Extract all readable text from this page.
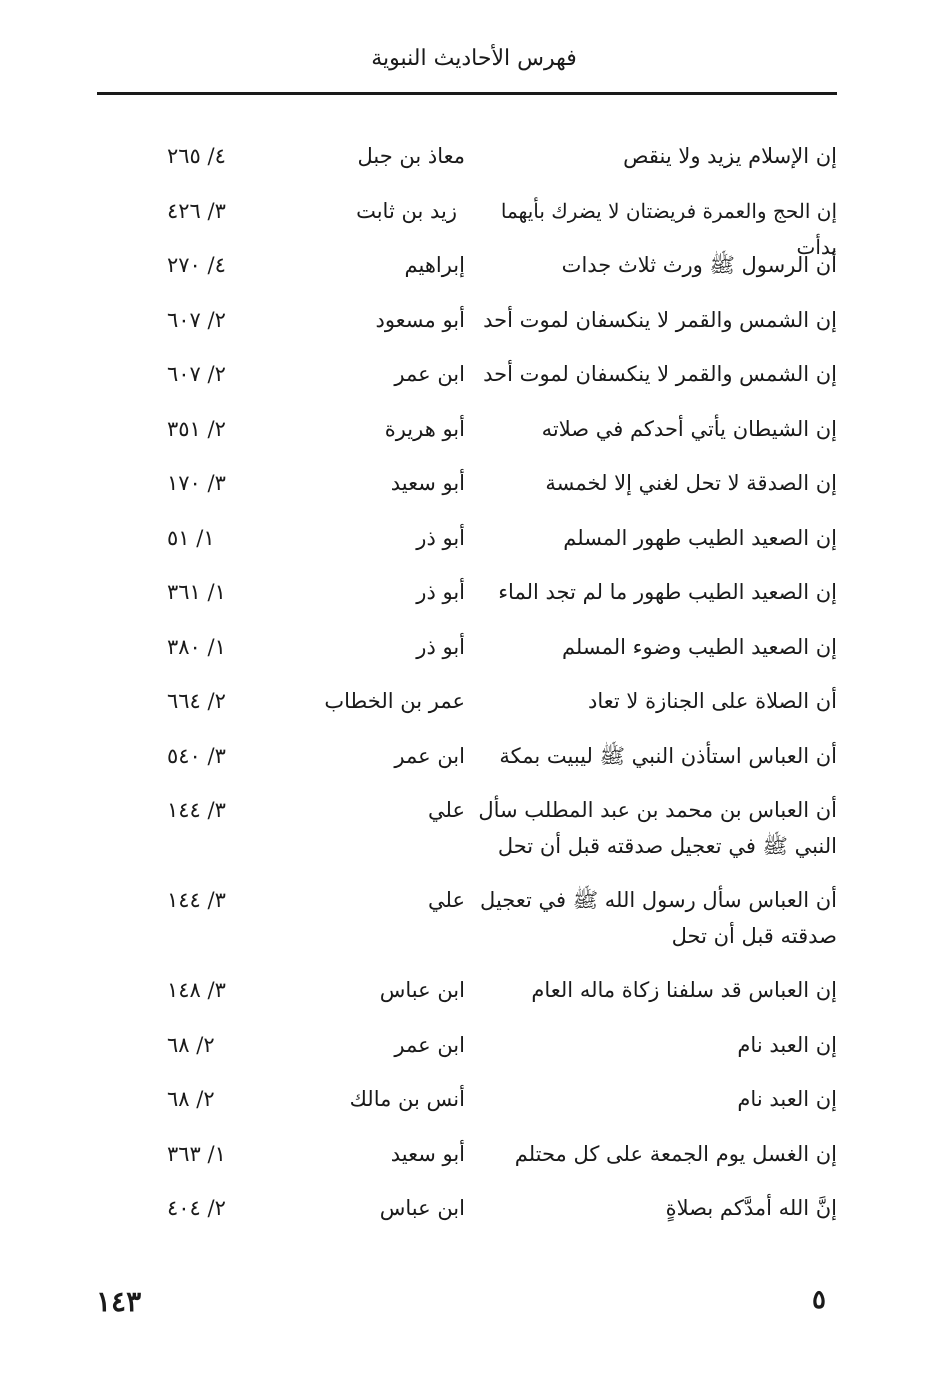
فهرس الأحاديث النبوية
إن الإسلام يزيد ولا ينقص
معاذ بن جبل
٤/ ٢٦٥
إن الحج والعمرة فريضتان لا يضرك بأيهما بدأت
زيد بن ثابت
٣/ ٤٢٦
أن الرسول ﷺ ورث ثلاث جدات
إبراهيم
٤/ ٢٧٠
إن الشمس والقمر لا ينكسفان لموت أحد
أبو مسعود
٢/ ٦٠٧
إن الشمس والقمر لا ينكسفان لموت أحد
ابن عمر
٢/ ٦٠٧
إن الشيطان يأتي أحدكم في صلاته
أبو هريرة
٢/ ٣٥١
إن الصدقة لا تحل لغني إلا لخمسة
أبو سعيد
٣/ ١٧٠
إن الصعيد الطيب طهور المسلم
أبو ذر
١/ ٥١
إن الصعيد الطيب طهور ما لم تجد الماء
أبو ذر
١/ ٣٦١
إن الصعيد الطيب وضوء المسلم
أبو ذر
١/ ٣٨٠
أن الصلاة على الجنازة لا تعاد
عمر بن الخطاب
٢/ ٦٦٤
أن العباس استأذن النبي ﷺ ليبيت بمكة
ابن عمر
٣/ ٥٤٠
أن العباس بن محمد بن عبد المطلب سأل النبي ﷺ في تعجيل صدقته قبل أن تحل
علي
٣/ ١٤٤
أن العباس سأل رسول الله ﷺ في تعجيل صدقته قبل أن تحل
علي
٣/ ١٤٤
إن العباس قد سلفنا زكاة ماله العام
ابن عباس
٣/ ١٤٨
إن العبد نام
ابن عمر
٢/ ٦٨
إن العبد نام
أنس بن مالك
٢/ ٦٨
إن الغسل يوم الجمعة على كل محتلم
أبو سعيد
١/ ٣٦٣
إنَّ الله أمدَّكم بصلاةٍ
ابن عباس
٢/ ٤٠٤
١٤٣	٥
